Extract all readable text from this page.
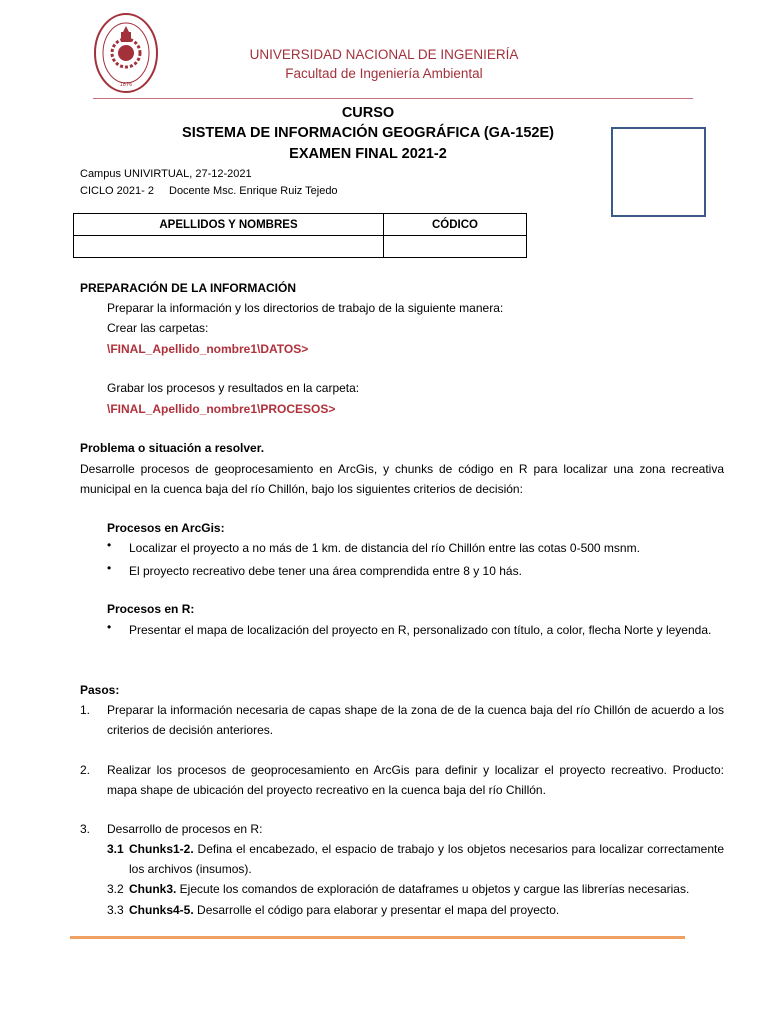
1876
UNIVERSIDAD NACIONAL DE INGENIERÍA
Facultad de Ingeniería Ambiental
CURSO
SISTEMA DE INFORMACIÓN GEOGRÁFICA (GA-152E)
EXAMEN FINAL 2021-2
Campus UNIVIRTUAL, 27-12-2021
CICLO 2021- 2 Docente Msc. Enrique Ruiz Tejedo
APELLIDOS Y NOMBRES	CÓDICO

PREPARACIÓN DE LA INFORMACIÓN
Preparar la información y los directorios de trabajo de la siguiente manera:
Crear las carpetas:
\FINAL_Apellido_nombre1\DATOS>
Grabar los procesos y resultados en la carpeta:
\FINAL_Apellido_nombre1\PROCESOS>
Problema o situación a resolver.
Desarrolle procesos de geoprocesamiento en ArcGis, y chunks de código en R para localizar una zona recreativa municipal en la cuenca baja del río Chillón, bajo los siguientes criterios de decisión:
Procesos en ArcGis:
• Localizar el proyecto a no más de 1 km. de distancia del río Chillón entre las cotas 0-500 msnm.
• El proyecto recreativo debe tener una área comprendida entre 8 y 10 hás.
Procesos en R:
• Presentar el mapa de localización del proyecto en R, personalizado con título, a color, flecha Norte y leyenda.
Pasos:
1. Preparar la información necesaria de capas shape de la zona de de la cuenca baja del río Chillón de acuerdo a los criterios de decisión anteriores.
2. Realizar los procesos de geoprocesamiento en ArcGis para definir y localizar el proyecto recreativo. Producto: mapa shape de ubicación del proyecto recreativo en la cuenca baja del río Chillón.
3. Desarrollo de procesos en R:
3.1 Chunks1-2. Defina el encabezado, el espacio de trabajo y los objetos necesarios para localizar correctamente los archivos (insumos).
3.2 Chunk3. Ejecute los comandos de exploración de dataframes u objetos y cargue las librerías necesarias.
3.3 Chunks4-5. Desarrolle el código para elaborar y presentar el mapa del proyecto.
